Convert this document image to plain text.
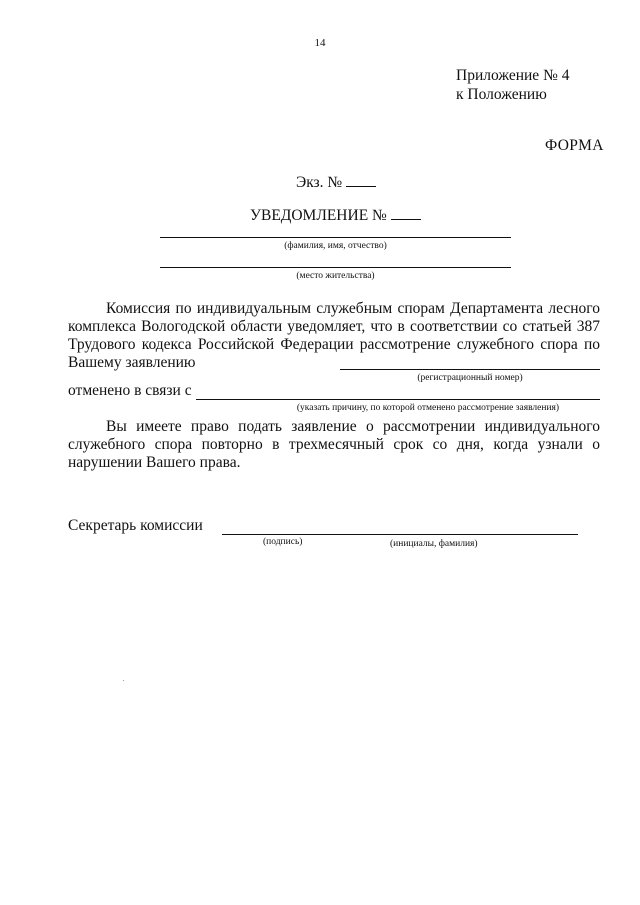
14
Приложение № 4
к Положению
ФОРМА
Экз. №
УВЕДОМЛЕНИЕ №
(фамилия, имя, отчество)
(место жительства)
Комиссия по индивидуальным служебным спорам Департамента лесного комплекса Вологодской области уведомляет, что в соответствии со статьей 387 Трудового кодекса Российской Федерации рассмотрение служебного спора по Вашему заявлению
(регистрационный номер)
отменено в связи с
(указать причину, по которой отменено рассмотрение заявления)
Вы имеете право подать заявление о рассмотрении индивидуального служебного спора повторно в трехмесячный срок со дня, когда узнали о нарушении Вашего права.
Секретарь комиссии
(подпись)	(инициалы, фамилия)
